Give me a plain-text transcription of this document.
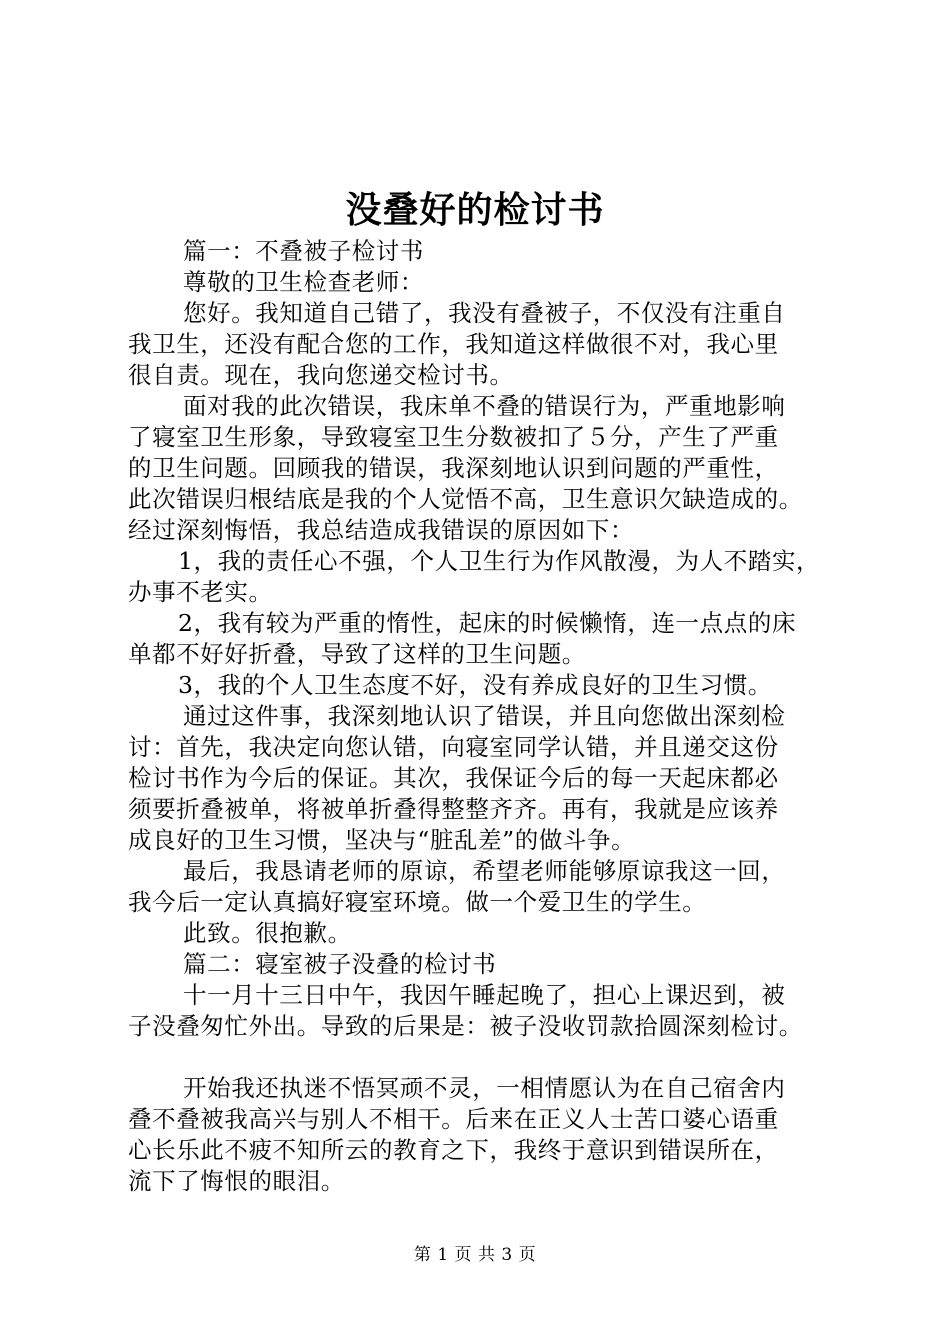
没叠好的检讨书
篇一：不叠被子检讨书
尊敬的卫生检查老师：
您好。我知道自己错了，我没有叠被子，不仅没有注重自
我卫生，还没有配合您的工作，我知道这样做很不对，我心里
很自责。现在，我向您递交检讨书。
面对我的此次错误，我床单不叠的错误行为，严重地影响
了寝室卫生形象，导致寝室卫生分数被扣了５分，产生了严重
的卫生问题。回顾我的错误，我深刻地认识到问题的严重性，
此次错误归根结底是我的个人觉悟不高，卫生意识欠缺造成的。
经过深刻悔悟，我总结造成我错误的原因如下：
1，我的责任心不强，个人卫生行为作风散漫，为人不踏实，
办事不老实。
2，我有较为严重的惰性，起床的时候懒惰，连一点点的床
单都不好好折叠，导致了这样的卫生问题。
3，我的个人卫生态度不好，没有养成良好的卫生习惯。
通过这件事，我深刻地认识了错误，并且向您做出深刻检
讨：首先，我决定向您认错，向寝室同学认错，并且递交这份
检讨书作为今后的保证。其次，我保证今后的每一天起床都必
须要折叠被单，将被单折叠得整整齐齐。再有，我就是应该养
成良好的卫生习惯，坚决与“脏乱差”的做斗争。
最后，我恳请老师的原谅，希望老师能够原谅我这一回，
我今后一定认真搞好寝室环境。做一个爱卫生的学生。
此致。很抱歉。
篇二：寝室被子没叠的检讨书
十一月十三日中午，我因午睡起晚了，担心上课迟到，被
子没叠匆忙外出。导致的后果是：被子没收罚款拾圆深刻检讨。
开始我还执迷不悟冥顽不灵，一相情愿认为在自己宿舍内
叠不叠被我高兴与别人不相干。后来在正义人士苦口婆心语重
心长乐此不疲不知所云的教育之下，我终于意识到错误所在，
流下了悔恨的眼泪。
第 1 页 共 3 页
